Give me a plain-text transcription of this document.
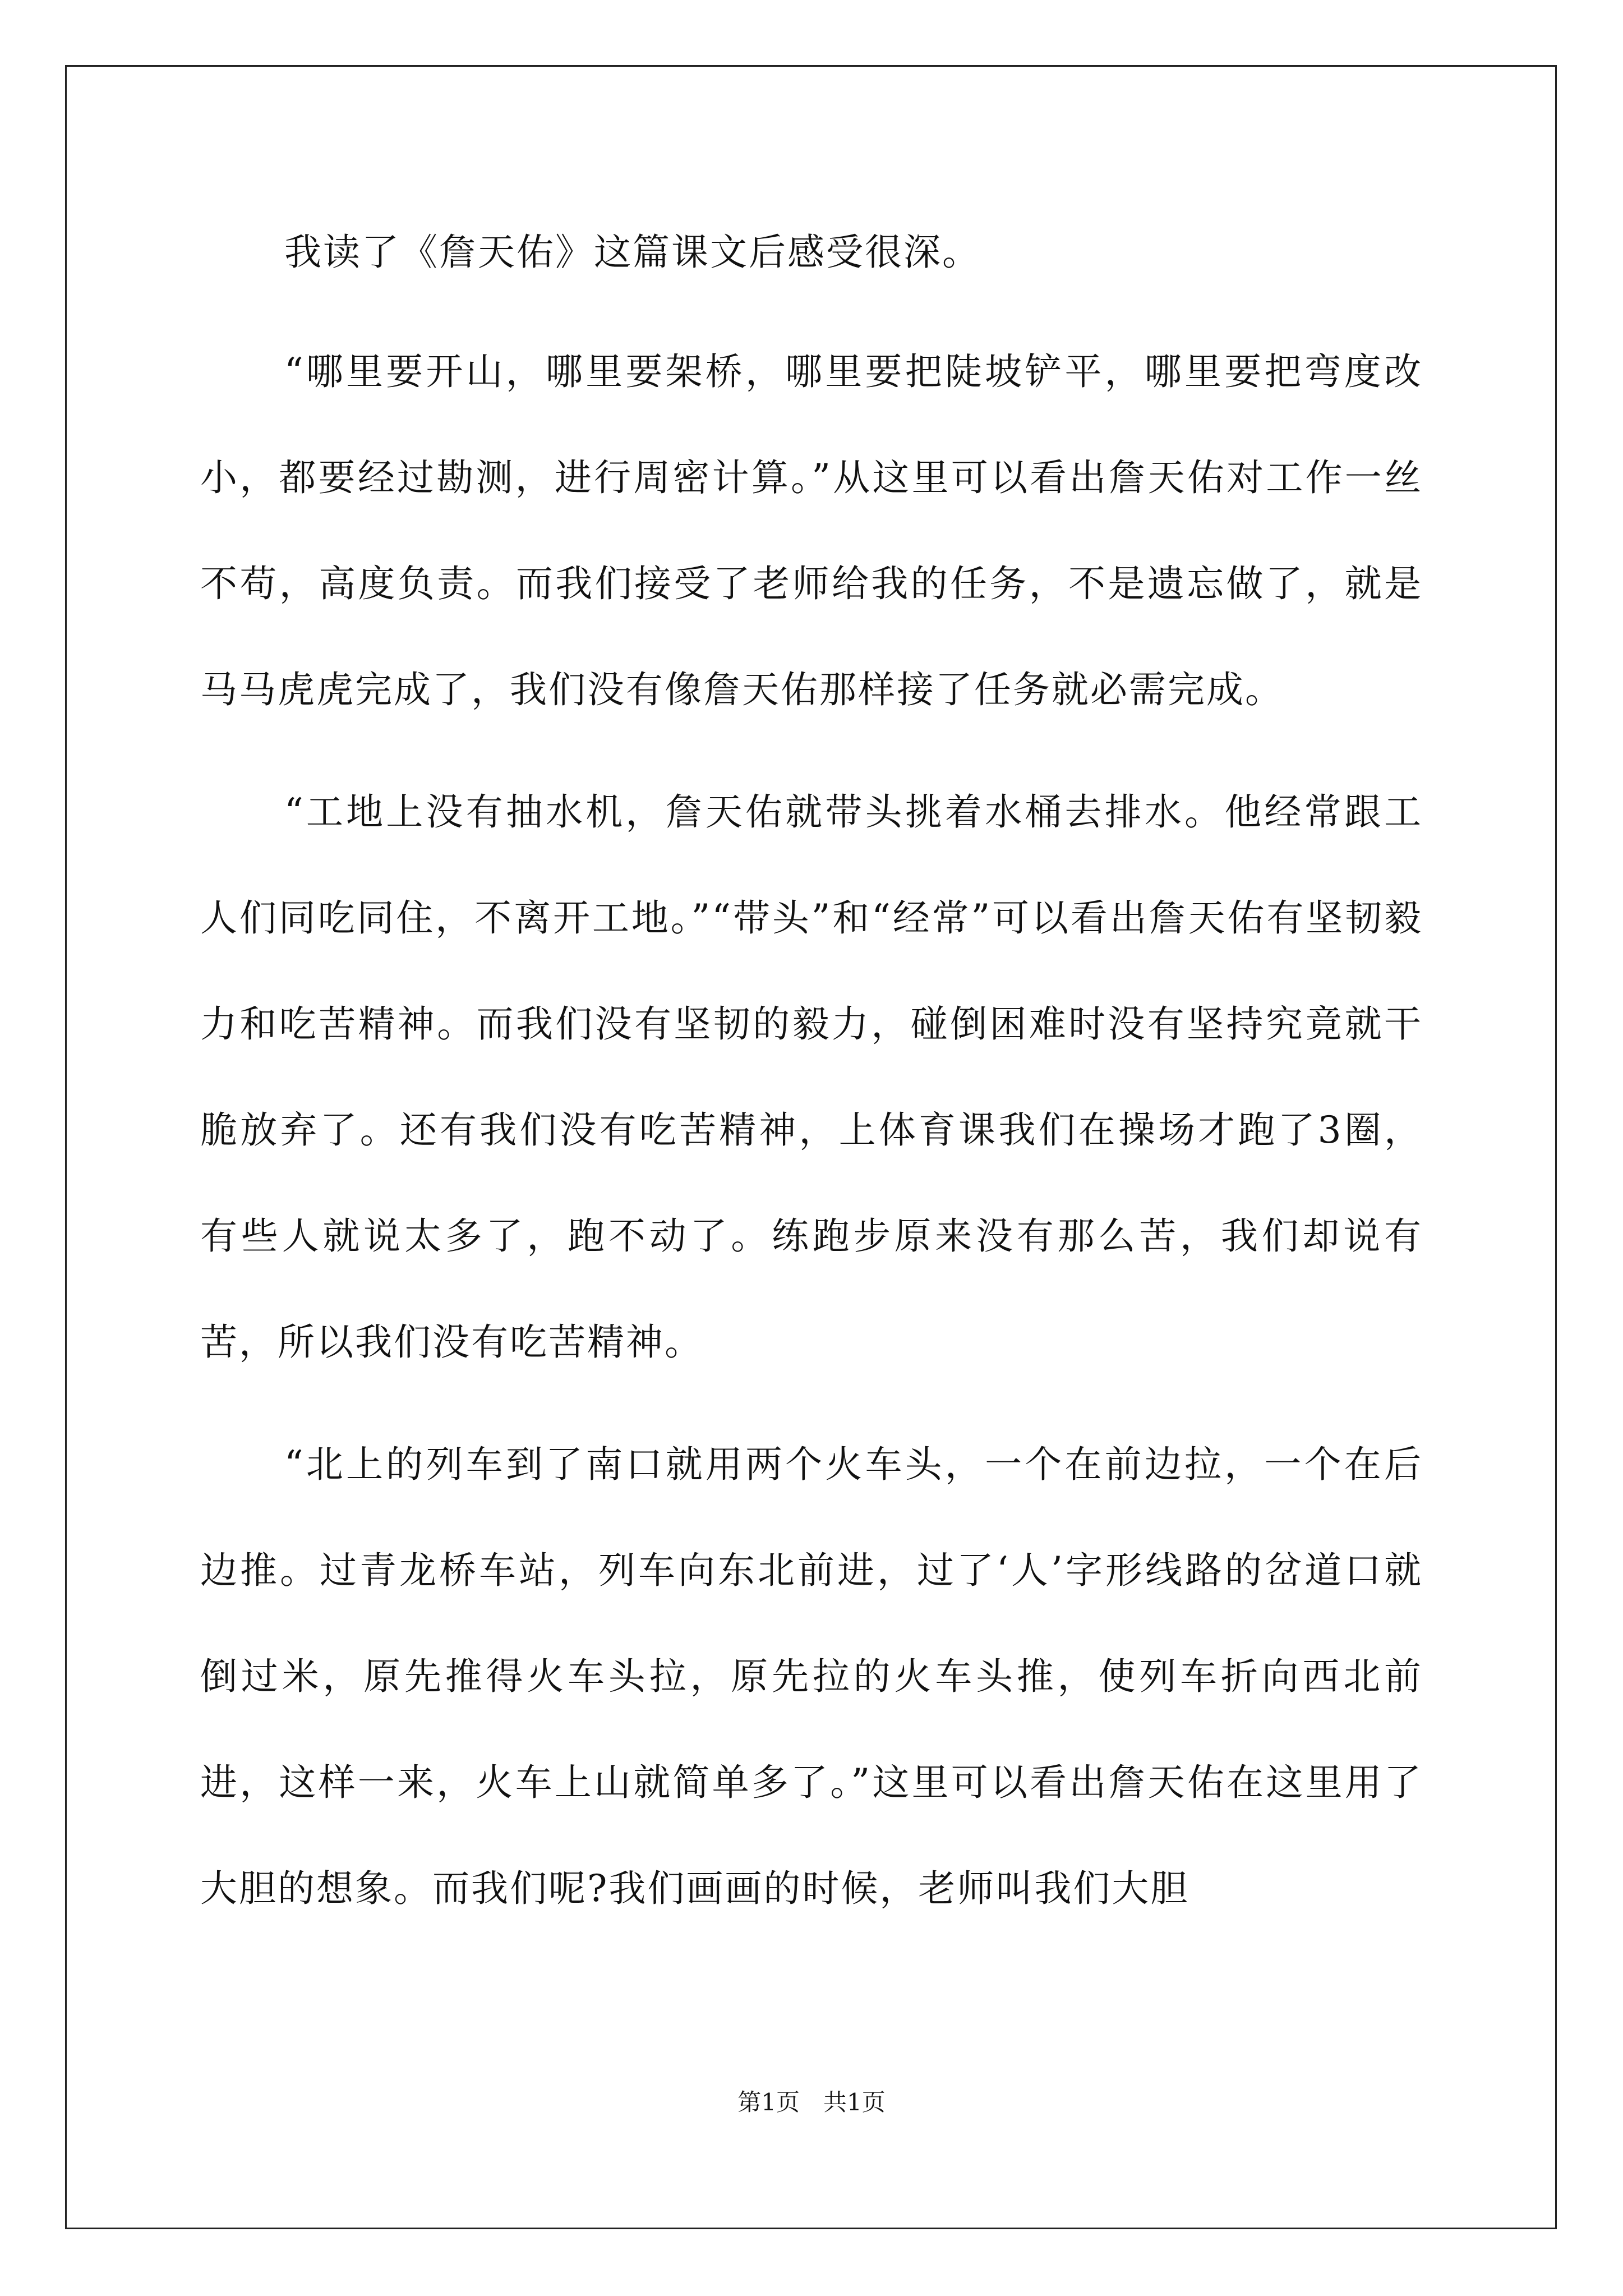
我读了《詹天佑》这篇课文后感受很深。

“哪里要开山，哪里要架桥，哪里要把陡坡铲平，哪里要把弯度改小，都要经过勘测，进行周密计算。”从这里可以看出詹天佑对工作一丝不苟，高度负责。而我们接受了老师给我的任务，不是遗忘做了，就是马马虎虎完成了，我们没有像詹天佑那样接了任务就必需完成。

“工地上没有抽水机，詹天佑就带头挑着水桶去排水。他经常跟工人们同吃同住，不离开工地。”“带头”和“经常”可以看出詹天佑有坚韧毅力和吃苦精神。而我们没有坚韧的毅力，碰倒困难时没有坚持究竟就干脆放弃了。还有我们没有吃苦精神，上体育课我们在操场才跑了3圈，有些人就说太多了，跑不动了。练跑步原来没有那么苦，我们却说有苦，所以我们没有吃苦精神。

“北上的列车到了南口就用两个火车头，一个在前边拉，一个在后边推。过青龙桥车站，列车向东北前进，过了‘人’字形线路的岔道口就倒过米，原先推得火车头拉，原先拉的火车头推，使列车折向西北前进，这样一来，火车上山就简单多了。”这里可以看出詹天佑在这里用了大胆的想象。而我们呢?我们画画的时候，老师叫我们大胆

第1页　共1页
